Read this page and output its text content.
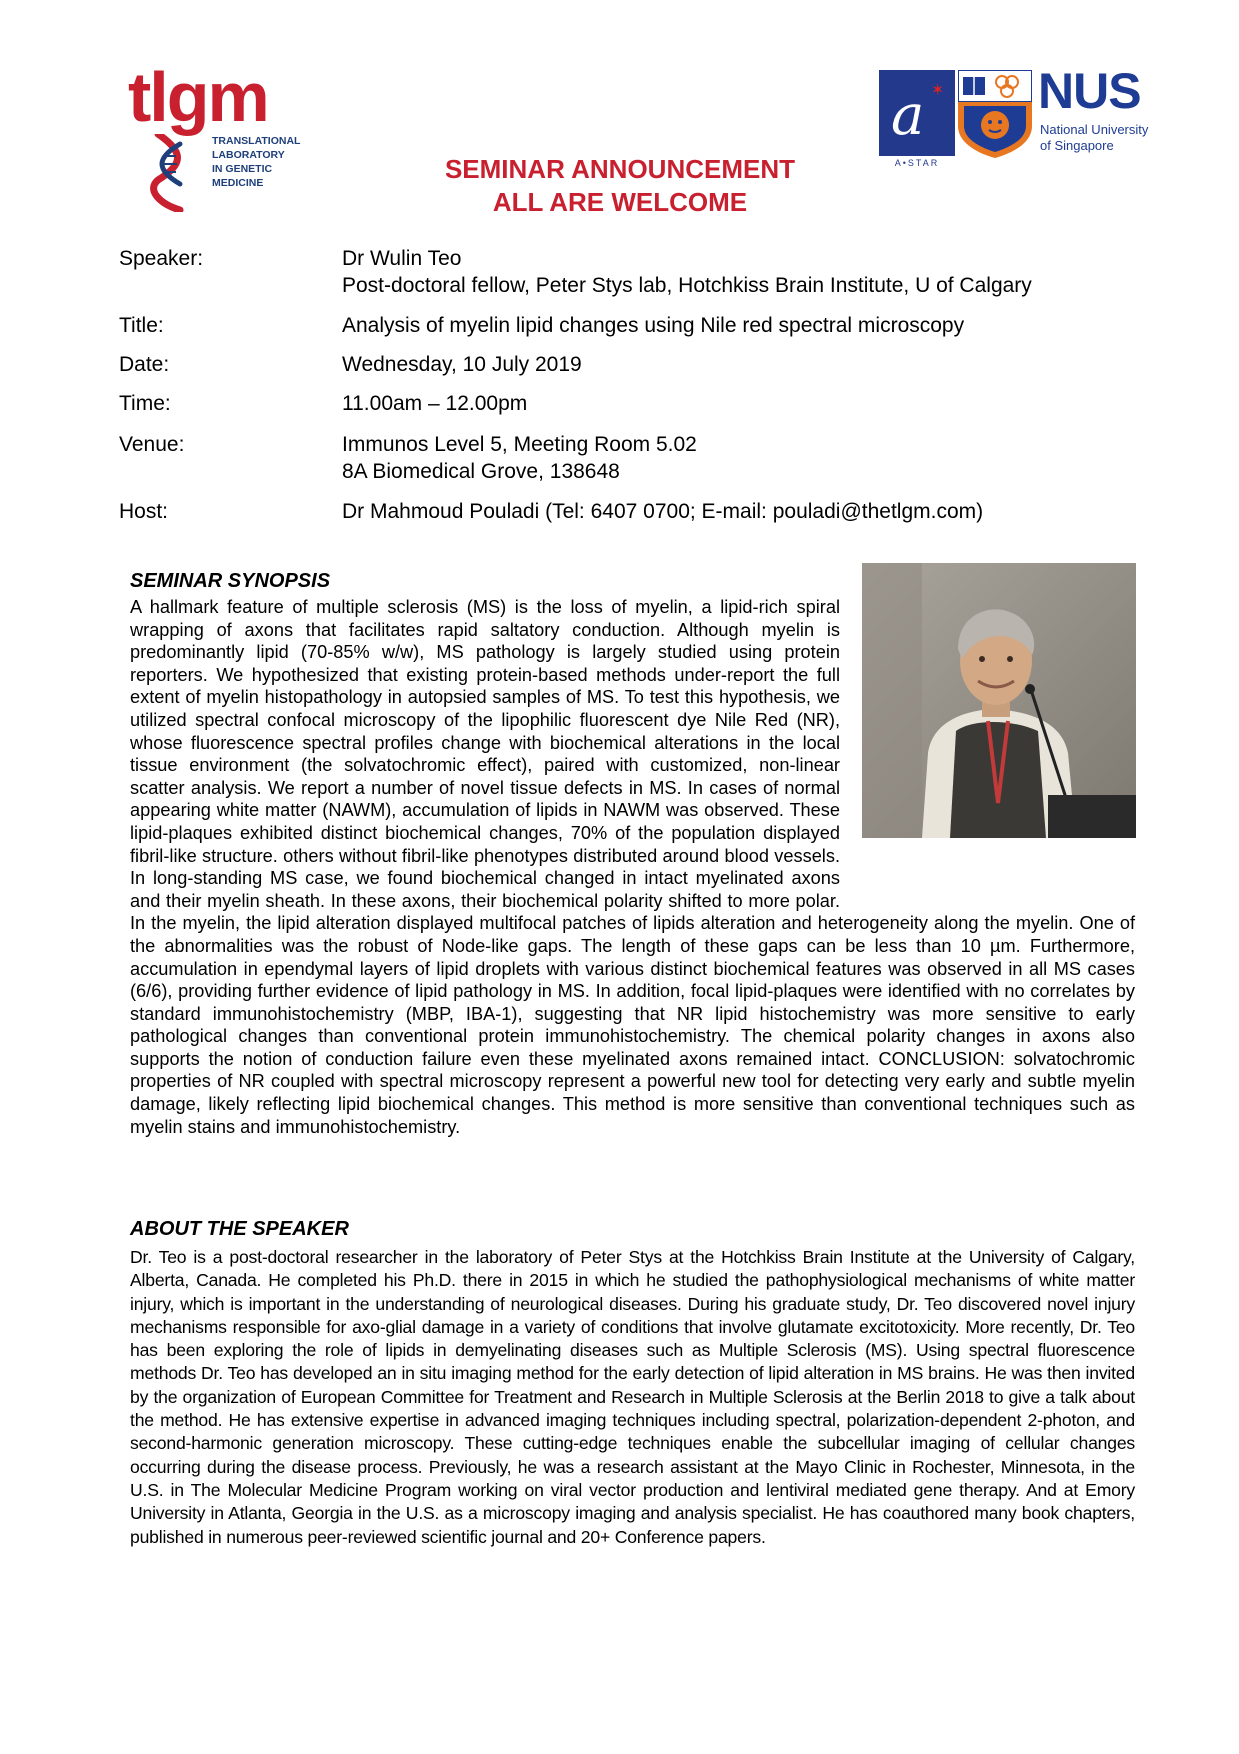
tlgm
TRANSLATIONAL
LABORATORY
IN GENETIC
MEDICINE
a ✶
A•STAR
NUS
National University
of Singapore
SEMINAR ANNOUNCEMENT
ALL ARE WELCOME
Speaker:	Dr Wulin Teo
Post-doctoral fellow, Peter Stys lab, Hotchkiss Brain Institute, U of Calgary
Title:	Analysis of myelin lipid changes using Nile red spectral microscopy
Date:	Wednesday, 10 July 2019
Time:	11.00am – 12.00pm
Venue:	Immunos Level 5, Meeting Room 5.02
8A Biomedical Grove, 138648
Host:	Dr Mahmoud Pouladi (Tel: 6407 0700; E-mail: pouladi@thetlgm.com)
SEMINAR SYNOPSIS
A hallmark feature of multiple sclerosis (MS) is the loss of myelin, a lipid-rich spiral wrapping of axons that facilitates rapid saltatory conduction. Although myelin is predominantly lipid (70-85% w/w), MS pathology is largely studied using protein reporters. We hypothesized that existing protein-based methods under-report the full extent of myelin histopathology in autopsied samples of MS. To test this hypothesis, we utilized spectral confocal microscopy of the lipophilic fluorescent dye Nile Red (NR), whose fluorescence spectral profiles change with biochemical alterations in the local tissue environment (the solvatochromic effect), paired with customized, non-linear scatter analysis. We report a number of novel tissue defects in MS. In cases of normal appearing white matter (NAWM), accumulation of lipids in NAWM was observed. These lipid-plaques exhibited distinct biochemical changes, 70% of the population displayed fibril-like structure. others without fibril-like phenotypes distributed around blood vessels. In long-standing MS case, we found biochemical changed in intact myelinated axons and their myelin sheath. In these axons, their biochemical polarity shifted to more polar. In the myelin, the lipid alteration displayed multifocal patches of lipids alteration and heterogeneity along the myelin. One of the abnormalities was the robust of Node-like gaps. The length of these gaps can be less than 10 µm. Furthermore, accumulation in ependymal layers of lipid droplets with various distinct biochemical features was observed in all MS cases (6/6), providing further evidence of lipid pathology in MS. In addition, focal lipid-plaques were identified with no correlates by standard immunohistochemistry (MBP, IBA-1), suggesting that NR lipid histochemistry was more sensitive to early pathological changes than conventional protein immunohistochemistry. The chemical polarity changes in axons also supports the notion of conduction failure even these myelinated axons remained intact. CONCLUSION: solvatochromic properties of NR coupled with spectral microscopy represent a powerful new tool for detecting very early and subtle myelin damage, likely reflecting lipid biochemical changes. This method is more sensitive than conventional techniques such as myelin stains and immunohistochemistry.
ABOUT THE SPEAKER
Dr. Teo is a post-doctoral researcher in the laboratory of Peter Stys at the Hotchkiss Brain Institute at the University of Calgary, Alberta, Canada. He completed his Ph.D. there in 2015 in which he studied the pathophysiological mechanisms of white matter injury, which is important in the understanding of neurological diseases. During his graduate study, Dr. Teo discovered novel injury mechanisms responsible for axo-glial damage in a variety of conditions that involve glutamate excitotoxicity. More recently, Dr. Teo has been exploring the role of lipids in demyelinating diseases such as Multiple Sclerosis (MS). Using spectral fluorescence methods Dr. Teo has developed an in situ imaging method for the early detection of lipid alteration in MS brains. He was then invited by the organization of European Committee for Treatment and Research in Multiple Sclerosis at the Berlin 2018 to give a talk about the method. He has extensive expertise in advanced imaging techniques including spectral, polarization-dependent 2-photon, and second-harmonic generation microscopy. These cutting-edge techniques enable the subcellular imaging of cellular changes occurring during the disease process. Previously, he was a research assistant at the Mayo Clinic in Rochester, Minnesota, in the U.S. in The Molecular Medicine Program working on viral vector production and lentiviral mediated gene therapy. And at Emory University in Atlanta, Georgia in the U.S. as a microscopy imaging and analysis specialist. He has coauthored many book chapters, published in numerous peer-reviewed scientific journal and 20+ Conference papers.
